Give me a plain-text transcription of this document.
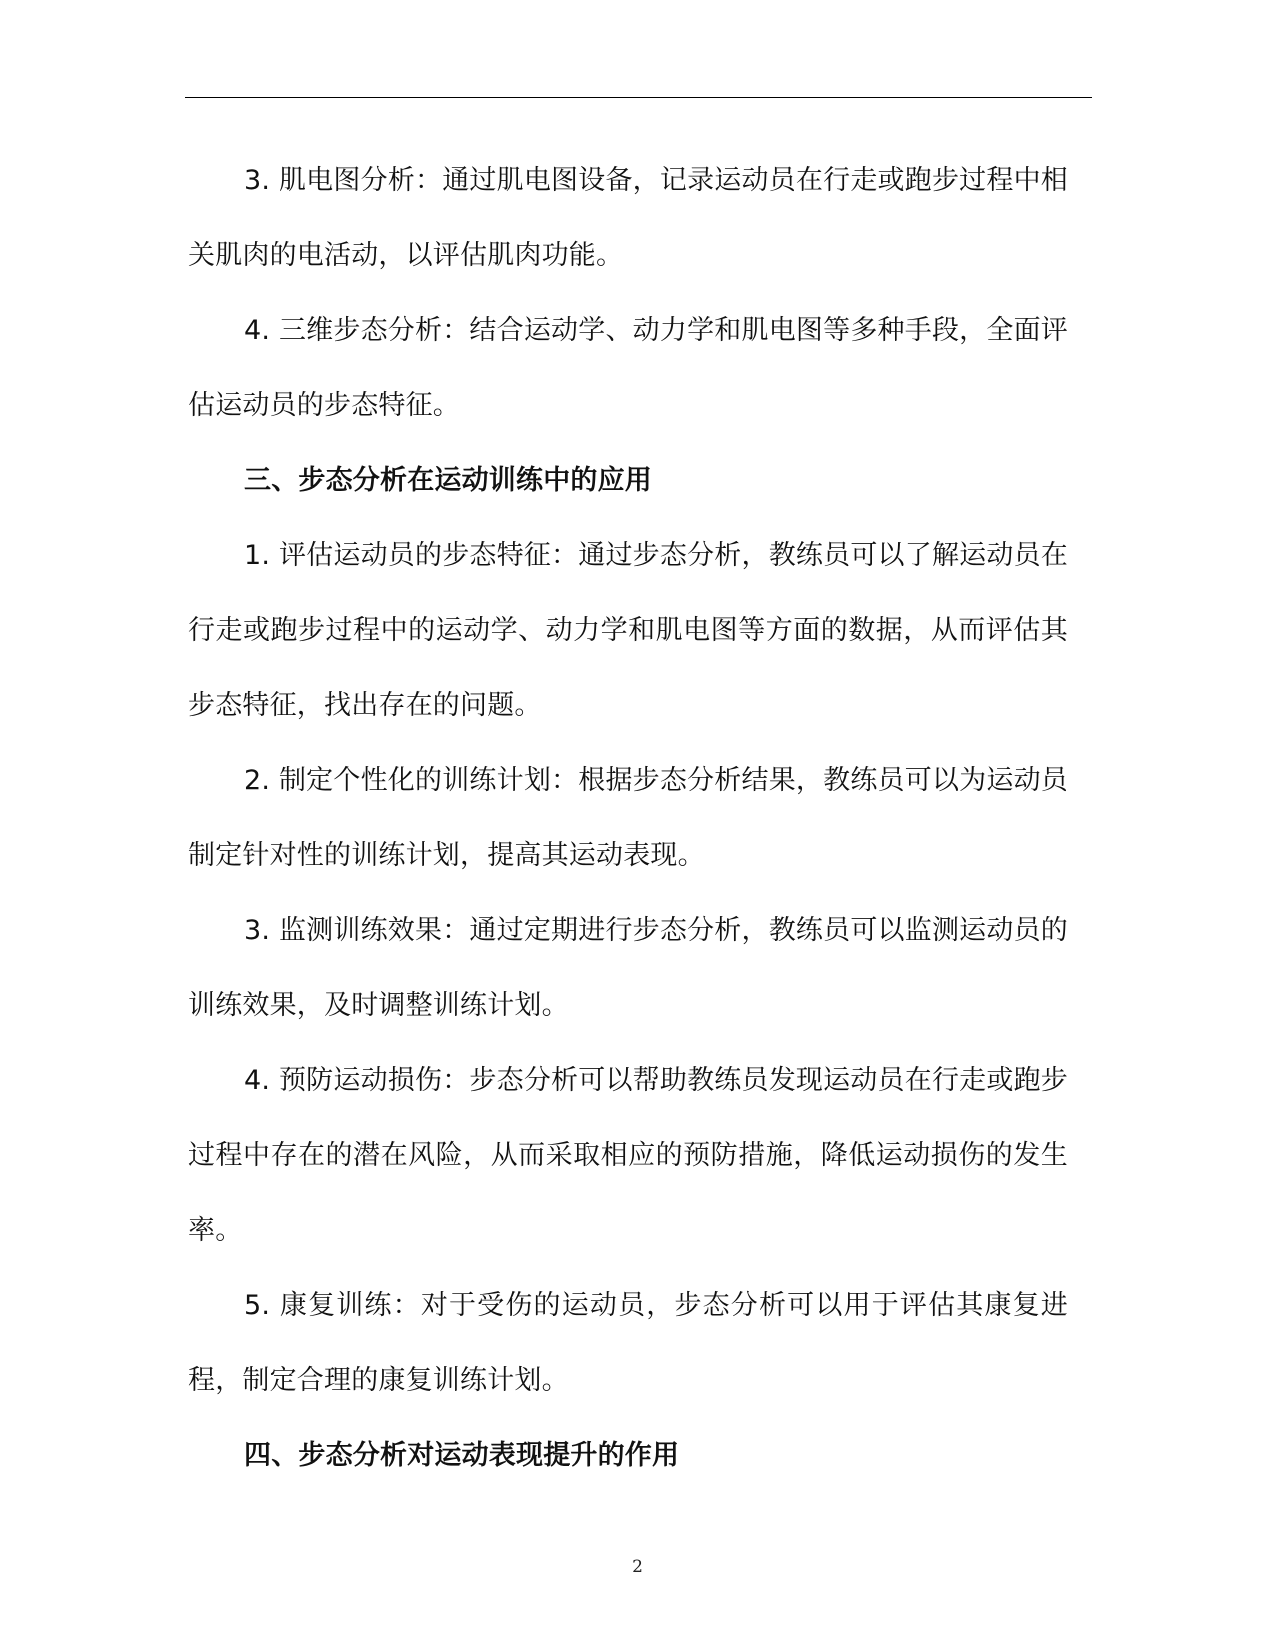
3. 肌电图分析：通过肌电图设备，记录运动员在行走或跑步过程中相关肌肉的电活动，以评估肌肉功能。

4. 三维步态分析：结合运动学、动力学和肌电图等多种手段，全面评估运动员的步态特征。

三、步态分析在运动训练中的应用

1. 评估运动员的步态特征：通过步态分析，教练员可以了解运动员在行走或跑步过程中的运动学、动力学和肌电图等方面的数据，从而评估其步态特征，找出存在的问题。

2. 制定个性化的训练计划：根据步态分析结果，教练员可以为运动员制定针对性的训练计划，提高其运动表现。

3. 监测训练效果：通过定期进行步态分析，教练员可以监测运动员的训练效果，及时调整训练计划。

4. 预防运动损伤：步态分析可以帮助教练员发现运动员在行走或跑步过程中存在的潜在风险，从而采取相应的预防措施，降低运动损伤的发生率。

5. 康复训练：对于受伤的运动员，步态分析可以用于评估其康复进程，制定合理的康复训练计划。

四、步态分析对运动表现提升的作用

2
